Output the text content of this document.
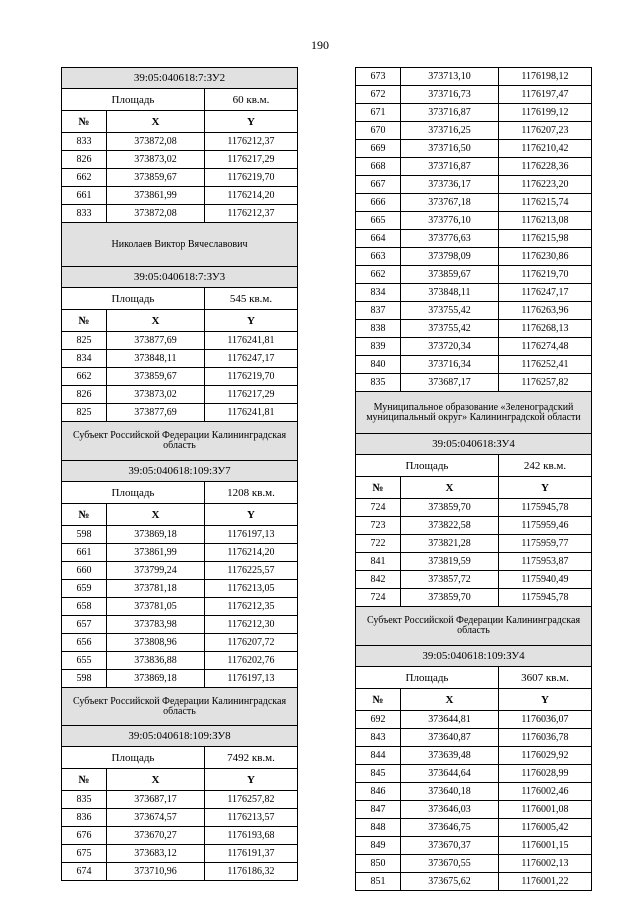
190
39:05:040618:7:ЗУ2		
Площадь		60 кв.м.
№	X	Y
833	373872,08	1176212,37
826	373873,02	1176217,29
662	373859,67	1176219,70
661	373861,99	1176214,20
833	373872,08	1176212,37
Николаев Виктор Вячеславович		
39:05:040618:7:ЗУ3		
Площадь		545 кв.м.
№	X	Y
825	373877,69	1176241,81
834	373848,11	1176247,17
662	373859,67	1176219,70
826	373873,02	1176217,29
825	373877,69	1176241,81
Субъект Российской Федерации Калининградская область		
39:05:040618:109:ЗУ7		
Площадь		1208 кв.м.
№	X	Y
598	373869,18	1176197,13
661	373861,99	1176214,20
660	373799,24	1176225,57
659	373781,18	1176213,05
658	373781,05	1176212,35
657	373783,98	1176212,30
656	373808,96	1176207,72
655	373836,88	1176202,76
598	373869,18	1176197,13
Субъект Российской Федерации Калининградская область		
39:05:040618:109:ЗУ8		
Площадь		7492 кв.м.
№	X	Y
835	373687,17	1176257,82
836	373674,57	1176213,57
676	373670,27	1176193,68
675	373683,12	1176191,37
674	373710,96	1176186,32
673	373713,10	1176198,12
672	373716,73	1176197,47
671	373716,87	1176199,12
670	373716,25	1176207,23
669	373716,50	1176210,42
668	373716,87	1176228,36
667	373736,17	1176223,20
666	373767,18	1176215,74
665	373776,10	1176213,08
664	373776,63	1176215,98
663	373798,09	1176230,86
662	373859,67	1176219,70
834	373848,11	1176247,17
837	373755,42	1176263,96
838	373755,42	1176268,13
839	373720,34	1176274,48
840	373716,34	1176252,41
835	373687,17	1176257,82
Муниципальное образование «Зеленоградский муниципальный округ» Калининградской области		
39:05:040618:ЗУ4		
Площадь		242 кв.м.
№	X	Y
724	373859,70	1175945,78
723	373822,58	1175959,46
722	373821,28	1175959,77
841	373819,59	1175953,87
842	373857,72	1175940,49
724	373859,70	1175945,78
Субъект Российской Федерации Калининградская область		
39:05:040618:109:ЗУ4		
Площадь		3607 кв.м.
№	X	Y
692	373644,81	1176036,07
843	373640,87	1176036,78
844	373639,48	1176029,92
845	373644,64	1176028,99
846	373640,18	1176002,46
847	373646,03	1176001,08
848	373646,75	1176005,42
849	373670,37	1176001,15
850	373670,55	1176002,13
851	373675,62	1176001,22
